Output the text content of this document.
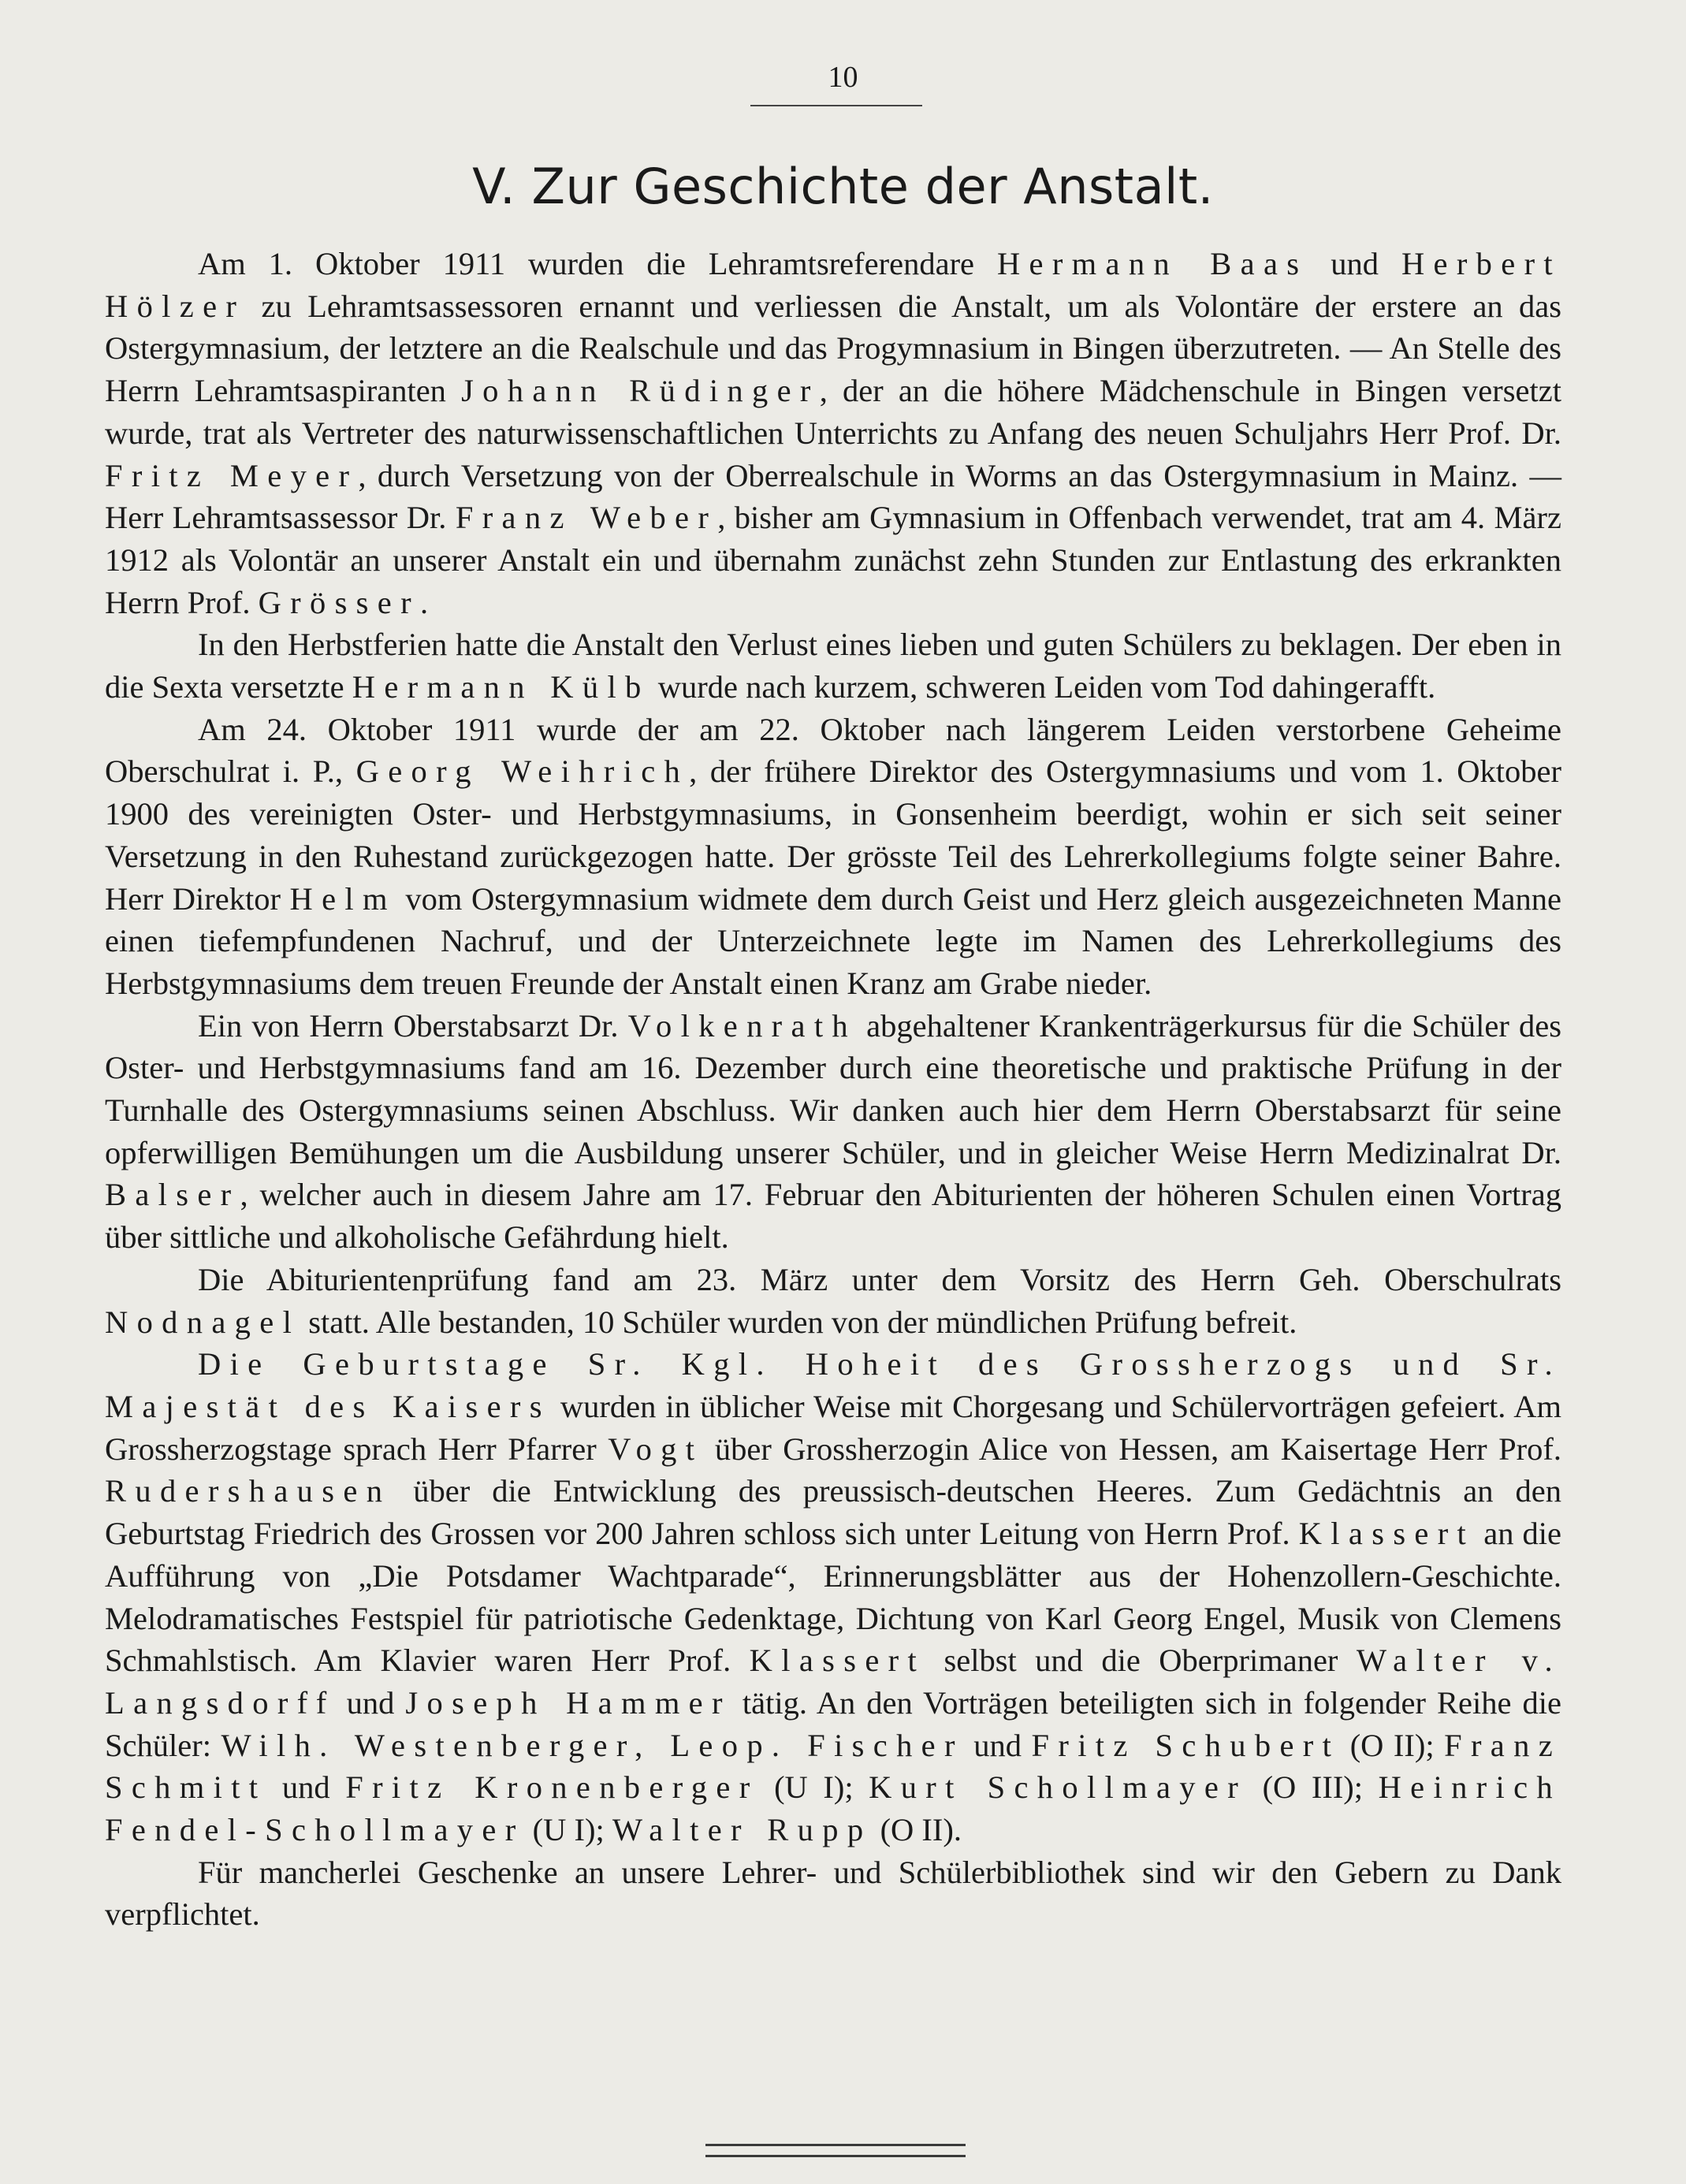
10
V. Zur Geschichte der Anstalt.

Am 1. Oktober 1911 wurden die Lehramtsreferendare Hermann Baas und Herbert Hölzer zu Lehramtsassessoren ernannt und verliessen die Anstalt, um als Volontäre der erstere an das Ostergymnasium, der letztere an die Realschule und das Progymnasium in Bingen überzutreten. — An Stelle des Herrn Lehramtsaspiranten Johann Rüdinger, der an die höhere Mädchenschule in Bingen versetzt wurde, trat als Vertreter des naturwissenschaftlichen Unterrichts zu Anfang des neuen Schuljahrs Herr Prof. Dr. Fritz Meyer, durch Versetzung von der Oberrealschule in Worms an das Ostergymnasium in Mainz. — Herr Lehramtsassessor Dr. Franz Weber, bisher am Gymnasium in Offenbach verwendet, trat am 4. März 1912 als Volontär an unserer Anstalt ein und übernahm zunächst zehn Stunden zur Entlastung des erkrankten Herrn Prof. Grösser.

In den Herbstferien hatte die Anstalt den Verlust eines lieben und guten Schülers zu beklagen. Der eben in die Sexta versetzte Hermann Külb wurde nach kurzem, schweren Leiden vom Tod dahingerafft.

Am 24. Oktober 1911 wurde der am 22. Oktober nach längerem Leiden verstorbene Geheime Oberschulrat i. P., Georg Weihrich, der frühere Direktor des Ostergymnasiums und vom 1. Oktober 1900 des vereinigten Oster- und Herbstgymnasiums, in Gonsenheim beerdigt, wohin er sich seit seiner Versetzung in den Ruhestand zurückgezogen hatte. Der grösste Teil des Lehrerkollegiums folgte seiner Bahre. Herr Direktor Helm vom Ostergymnasium widmete dem durch Geist und Herz gleich ausgezeichneten Manne einen tiefempfundenen Nachruf, und der Unterzeichnete legte im Namen des Lehrerkollegiums des Herbstgymnasiums dem treuen Freunde der Anstalt einen Kranz am Grabe nieder.

Ein von Herrn Oberstabsarzt Dr. Volkenrath abgehaltener Krankenträgerkursus für die Schüler des Oster- und Herbstgymnasiums fand am 16. Dezember durch eine theoretische und praktische Prüfung in der Turnhalle des Ostergymnasiums seinen Abschluss. Wir danken auch hier dem Herrn Oberstabsarzt für seine opferwilligen Bemühungen um die Ausbildung unserer Schüler, und in gleicher Weise Herrn Medizinalrat Dr. Balser, welcher auch in diesem Jahre am 17. Februar den Abiturienten der höheren Schulen einen Vortrag über sittliche und alkoholische Gefährdung hielt.

Die Abiturientenprüfung fand am 23. März unter dem Vorsitz des Herrn Geh. Oberschulrats Nodnagel statt. Alle bestanden, 10 Schüler wurden von der mündlichen Prüfung befreit.

Die Geburtstage Sr. Kgl. Hoheit des Grossherzogs und Sr. Majestät des Kaisers wurden in üblicher Weise mit Chorgesang und Schülervorträgen gefeiert. Am Grossherzogstage sprach Herr Pfarrer Vogt über Grossherzogin Alice von Hessen, am Kaisertage Herr Prof. Rudershausen über die Entwicklung des preussisch-deutschen Heeres. Zum Gedächtnis an den Geburtstag Friedrich des Grossen vor 200 Jahren schloss sich unter Leitung von Herrn Prof. Klassert an die Aufführung von „Die Potsdamer Wachtparade“, Erinnerungsblätter aus der Hohenzollern-Geschichte. Melodramatisches Festspiel für patriotische Gedenktage, Dichtung von Karl Georg Engel, Musik von Clemens Schmahlstisch. Am Klavier waren Herr Prof. Klassert selbst und die Oberprimaner Walter v. Langsdorff und Joseph Hammer tätig. An den Vorträgen beteiligten sich in folgender Reihe die Schüler: Wilh. Westenberger, Leop. Fischer und Fritz Schubert (O II); Franz Schmitt und Fritz Kronenberger (U I); Kurt Schollmayer (O III); Heinrich Fendel-Schollmayer (U I); Walter Rupp (O II).

Für mancherlei Geschenke an unsere Lehrer- und Schülerbibliothek sind wir den Gebern zu Dank verpflichtet.
